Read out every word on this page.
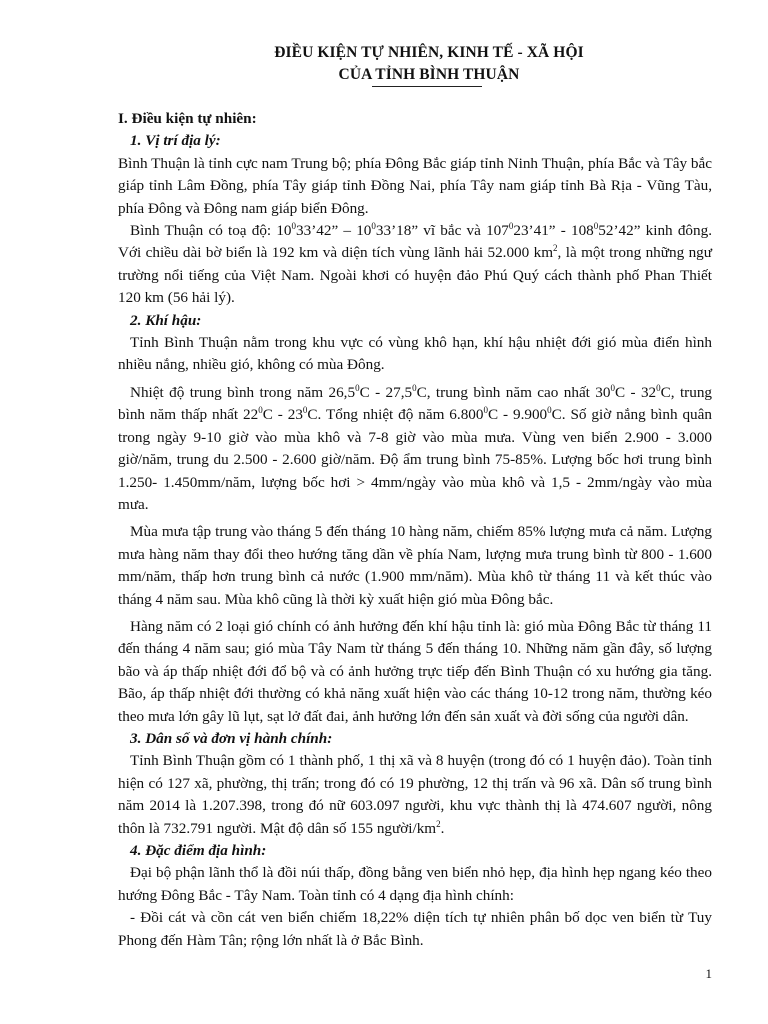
ĐIỀU KIỆN TỰ NHIÊN, KINH TẾ - XÃ HỘI
CỦA TỈNH BÌNH THUẬN
I. Điều kiện tự nhiên:
1. Vị trí địa lý:

Bình Thuận là tỉnh cực nam Trung bộ; phía Đông Bắc giáp tỉnh Ninh Thuận, phía Bắc và Tây bắc giáp tỉnh Lâm Đồng, phía Tây giáp tỉnh Đồng Nai, phía Tây nam giáp tỉnh Bà Rịa - Vũng Tàu, phía Đông và Đông nam giáp biển Đông.

Bình Thuận có toạ độ: $10^033’42$” – $10^033’18$” vĩ bắc và $107^023’41$” - $108^052’42$” kinh đông. Với chiều dài bờ biển là 192 km và diện tích vùng lãnh hải 52.000 $km^2$, là một trong những ngư trường nổi tiếng của Việt Nam. Ngoài khơi có huyện đảo Phú Quý cách thành phố Phan Thiết 120 km (56 hải lý).

2. Khí hậu:

Tỉnh Bình Thuận nằm trong khu vực có vùng khô hạn, khí hậu nhiệt đới gió mùa điển hình nhiều nắng, nhiều gió, không có mùa Đông.

Nhiệt độ trung bình trong năm 26,5$^0$C - 27,5$^0$C, trung bình năm cao nhất $30^0C - 32^0C$, trung bình năm thấp nhất $22^0C - 23^0C$. Tổng nhiệt độ năm 6.800$^0$C - 9.900$^0$C. Số giờ nắng bình quân trong ngày 9-10 giờ vào mùa khô và 7-8 giờ vào mùa mưa. Vùng ven biển 2.900 - 3.000 giờ/năm, trung du 2.500 - 2.600 giờ/năm. Độ ẩm trung bình 75-85%. Lượng bốc hơi trung bình 1.250- 1.450mm/năm, lượng bốc hơi > 4mm/ngày vào mùa khô và 1,5 - 2mm/ngày vào mùa mưa.

Mùa mưa tập trung vào tháng 5 đến tháng 10 hàng năm, chiếm 85% lượng mưa cả năm. Lượng mưa hàng năm thay đổi theo hướng tăng dần về phía Nam, lượng mưa trung bình từ 800 - 1.600 mm/năm, thấp hơn trung bình cả nước (1.900 mm/năm). Mùa khô từ tháng 11 và kết thúc vào tháng 4 năm sau. Mùa khô cũng là thời kỳ xuất hiện gió mùa Đông bắc.

Hàng năm có 2 loại gió chính có ảnh hưởng đến khí hậu tỉnh là: gió mùa Đông Bắc từ tháng 11 đến tháng 4 năm sau; gió mùa Tây Nam từ tháng 5 đến tháng 10. Những năm gần đây, số lượng bão và áp thấp nhiệt đới đổ bộ và có ảnh hưởng trực tiếp đến Bình Thuận có xu hướng gia tăng. Bão, áp thấp nhiệt đới thường có khả năng xuất hiện vào các tháng 10-12 trong năm, thường kéo theo mưa lớn gây lũ lụt, sạt lở đất đai, ảnh hưởng lớn đến sản xuất và đời sống của người dân.

3. Dân số và đơn vị hành chính:

Tỉnh Bình Thuận gồm có 1 thành phố, 1 thị xã và 8 huyện (trong đó có 1 huyện đảo). Toàn tỉnh hiện có 127 xã, phường, thị trấn; trong đó có 19 phường, 12 thị trấn và 96 xã. Dân số trung bình năm 2014 là 1.207.398, trong đó nữ 603.097 người, khu vực thành thị là 474.607 người, nông thôn là 732.791 người. Mật độ dân số 155 người/$km^2$.

4. Đặc điểm địa hình:

Đại bộ phận lãnh thổ là đồi núi thấp, đồng bằng ven biển nhỏ hẹp, địa hình hẹp ngang kéo theo hướng Đông Bắc - Tây Nam. Toàn tỉnh có 4 dạng địa hình chính:

- Đồi cát và cồn cát ven biển chiếm 18,22% diện tích tự nhiên phân bố dọc ven biển từ Tuy Phong đến Hàm Tân; rộng lớn nhất là ở Bắc Bình.

1
